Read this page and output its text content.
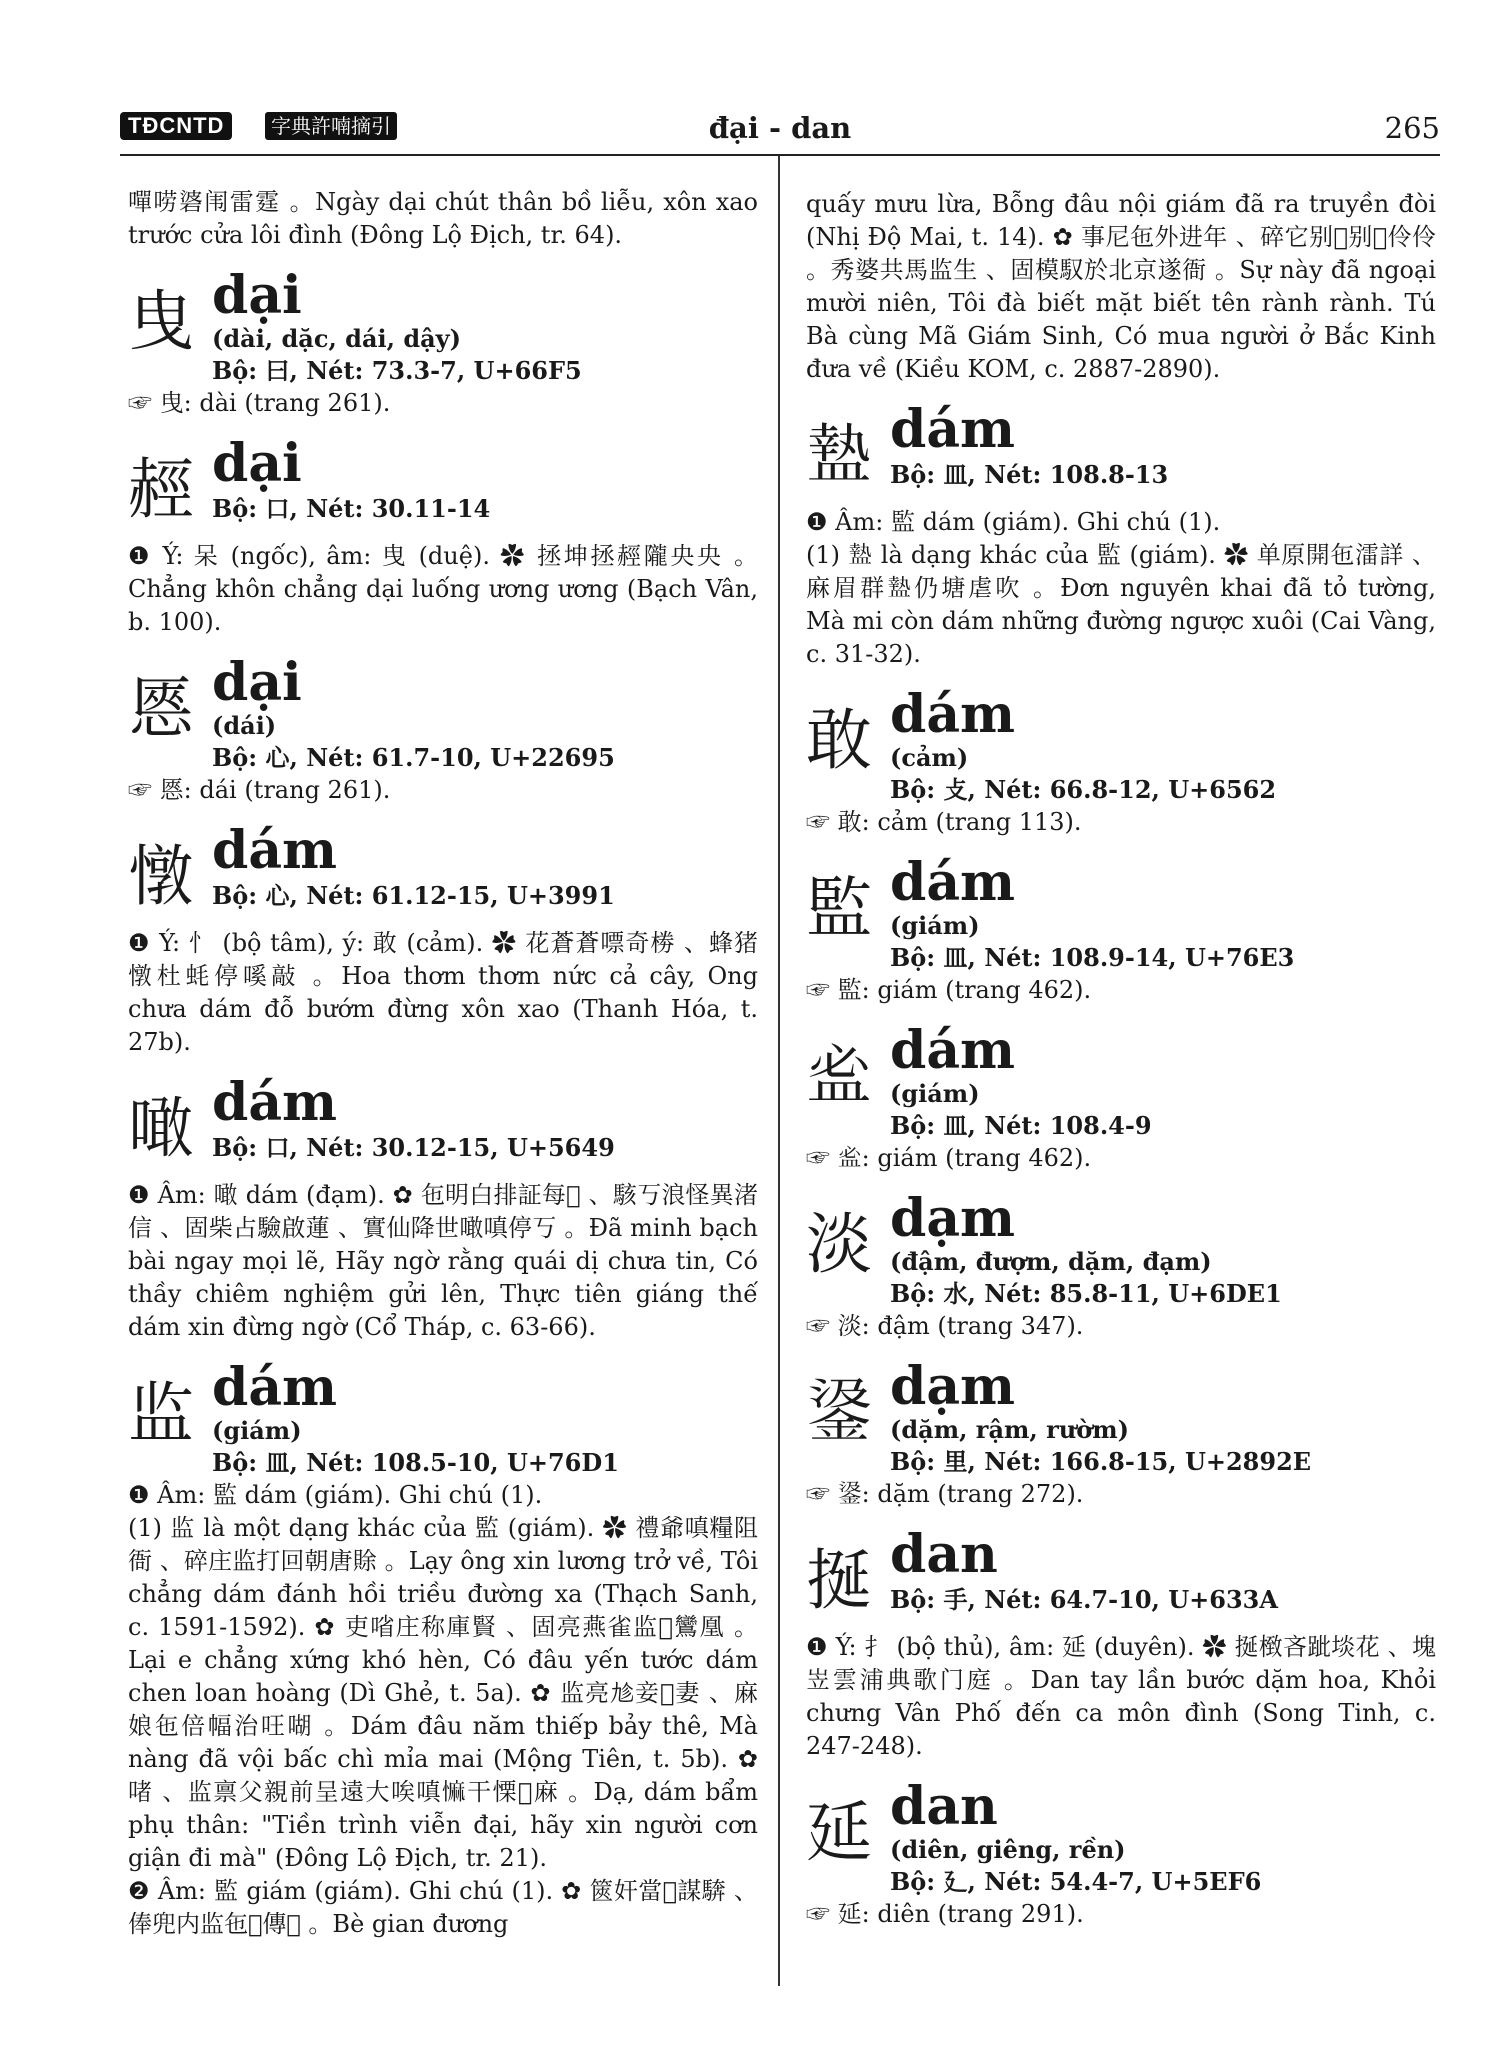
TĐCNTD	字典許喃摘引	đại - dan	265

嘽唠碆闱雷霆 。Ngày dại chút thân bồ liễu, xôn xao trước cửa lôi đình (Đông Lộ Địch, tr. 64).

曳 dại
(dài, dặc, dái, dậy)
Bộ: 曰, Nét: 73.3-7, U+66F5
☞ 曳: dài (trang 261).
䞓 dại
Bộ: 口, Nét: 30.11-14
❶ Ý: 呆 (ngốc), âm: 曳 (duệ). ✿ 拯坤拯䞓隴央央 。Chẳng khôn chẳng dại luống ương ương (Bạch Vân, b. 100).
㥦 dại
(dái)
Bộ: 心, Nét: 61.7-10, U+22695
☞ 㥦: dái (trang 261).
憞 dám
Bộ: 心, Nét: 61.12-15, U+3991
❶ Ý: 忄 (bộ tâm), ý: 敢 (cảm). ✿ 花蒼蒼嘌奇椦 、蜂猪憞杜蚝停嗘敲 。Hoa thơm thơm nức cả cây, Ong chưa dám đỗ bướm đừng xôn xao (Thanh Hóa, t. 27b).
噉 dám
Bộ: 口, Nét: 30.12-15, U+5649
❶ Âm: 噉 dám (đạm). ✿ 㐌明白排証每𡗶 、駭丂浪怪異渚信 、固柴占驗啟蓮 、實仙降世噉嗔停丂 。Đã minh bạch bài ngay mọi lẽ, Hãy ngờ rằng quái dị chưa tin, Có thầy chiêm nghiệm gửi lên, Thực tiên giáng thế dám xin đừng ngờ (Cổ Tháp, c. 63-66).
监 dám
(giám)
Bộ: 皿, Nét: 108.5-10, U+76D1
❶ Âm: 監 dám (giám). Ghi chú (1).
(1) 监 là một dạng khác của 監 (giám). ✿ 禮爺嗔糧阻衙 、碎庄监打回朝唐賖 。Lạy ông xin lương trở về, Tôi chẳng dám đánh hồi triều đường xa (Thạch Sanh, c. 1591-1592). ✿ 吏㗂庄称庫賢 、固亮燕雀监𦀺鸞凰 。Lại e chẳng xứng khó hèn, Có đâu yến tước dám chen loan hoàng (Dì Ghẻ, t. 5a). ✿ 监亮𠃩妾𠸗妻 、麻娘㐌倍幅治㕵㗅 。Dám đâu năm thiếp bảy thê, Mà nàng đã vội bấc chì mỉa mai (Mộng Tiên, t. 5b). ✿ 啫 、监禀父親前呈遠大唉嗔𢠩干慄𧹟麻 。Dạ, dám bẩm phụ thân: "Tiền trình viễn đại, hãy xin người cơn giận đi mà" (Đông Lộ Địch, tr. 21).
❷ Âm: 監 giám (giám). Ghi chú (1). ✿ 篋奸當𢩮謀𩣺 、俸兜内监㐌𪽏傳𠸗 。Bè gian đương

quấy mưu lừa, Bỗng đâu nội giám đã ra truyền đòi (Nhị Độ Mai, t. 14). ✿ 事尼㐌外进年 、碎它别𦎛别𠸗伶伶 。秀婆共馬监生 、固模馭於北京遂衙 。Sự này đã ngoại mười niên, Tôi đà biết mặt biết tên rành rành. Tú Bà cùng Mã Giám Sinh, Có mua người ở Bắc Kinh đưa về (Kiều KOM, c. 2887-2890).

𥂕 dám
Bộ: 皿, Nét: 108.8-13
❶ Âm: 監 dám (giám). Ghi chú (1).
(1) 𥂕 là dạng khác của 監 (giám). ✿ 单原開㐌㵢詳 、麻眉群𥂕仍塘虐吹 。Đơn nguyên khai đã tỏ tường, Mà mi còn dám những đường ngược xuôi (Cai Vàng, c. 31-32).
敢 dám
(cảm)
Bộ: 攴, Nét: 66.8-12, U+6562
☞ 敢: cảm (trang 113).
監 dám
(giám)
Bộ: 皿, Nét: 108.9-14, U+76E3
☞ 監: giám (trang 462).
𥁑 dám
(giám)
Bộ: 皿, Nét: 108.4-9
☞ 𥁑: giám (trang 462).
淡 dạm
(đậm, đượm, dặm, đạm)
Bộ: 水, Nét: 85.8-11, U+6DE1
☞ 淡: đậm (trang 347).
𨦮 dạm
(dặm, rậm, rườm)
Bộ: 里, Nét: 166.8-15, U+2892E
☞ 𨦮: dặm (trang 272).
挻 dan
Bộ: 手, Nét: 64.7-10, U+633A
❶ Ý: 扌 (bộ thủ), âm: 延 (duyên). ✿ 挻㮹吝跐埮花 、塊岦雲浦典歌门庭 。Dan tay lần bước dặm hoa, Khỏi chưng Vân Phố đến ca môn đình (Song Tinh, c. 247-248).
延 dan
(diên, giêng, rền)
Bộ: 廴, Nét: 54.4-7, U+5EF6
☞ 延: diên (trang 291).
